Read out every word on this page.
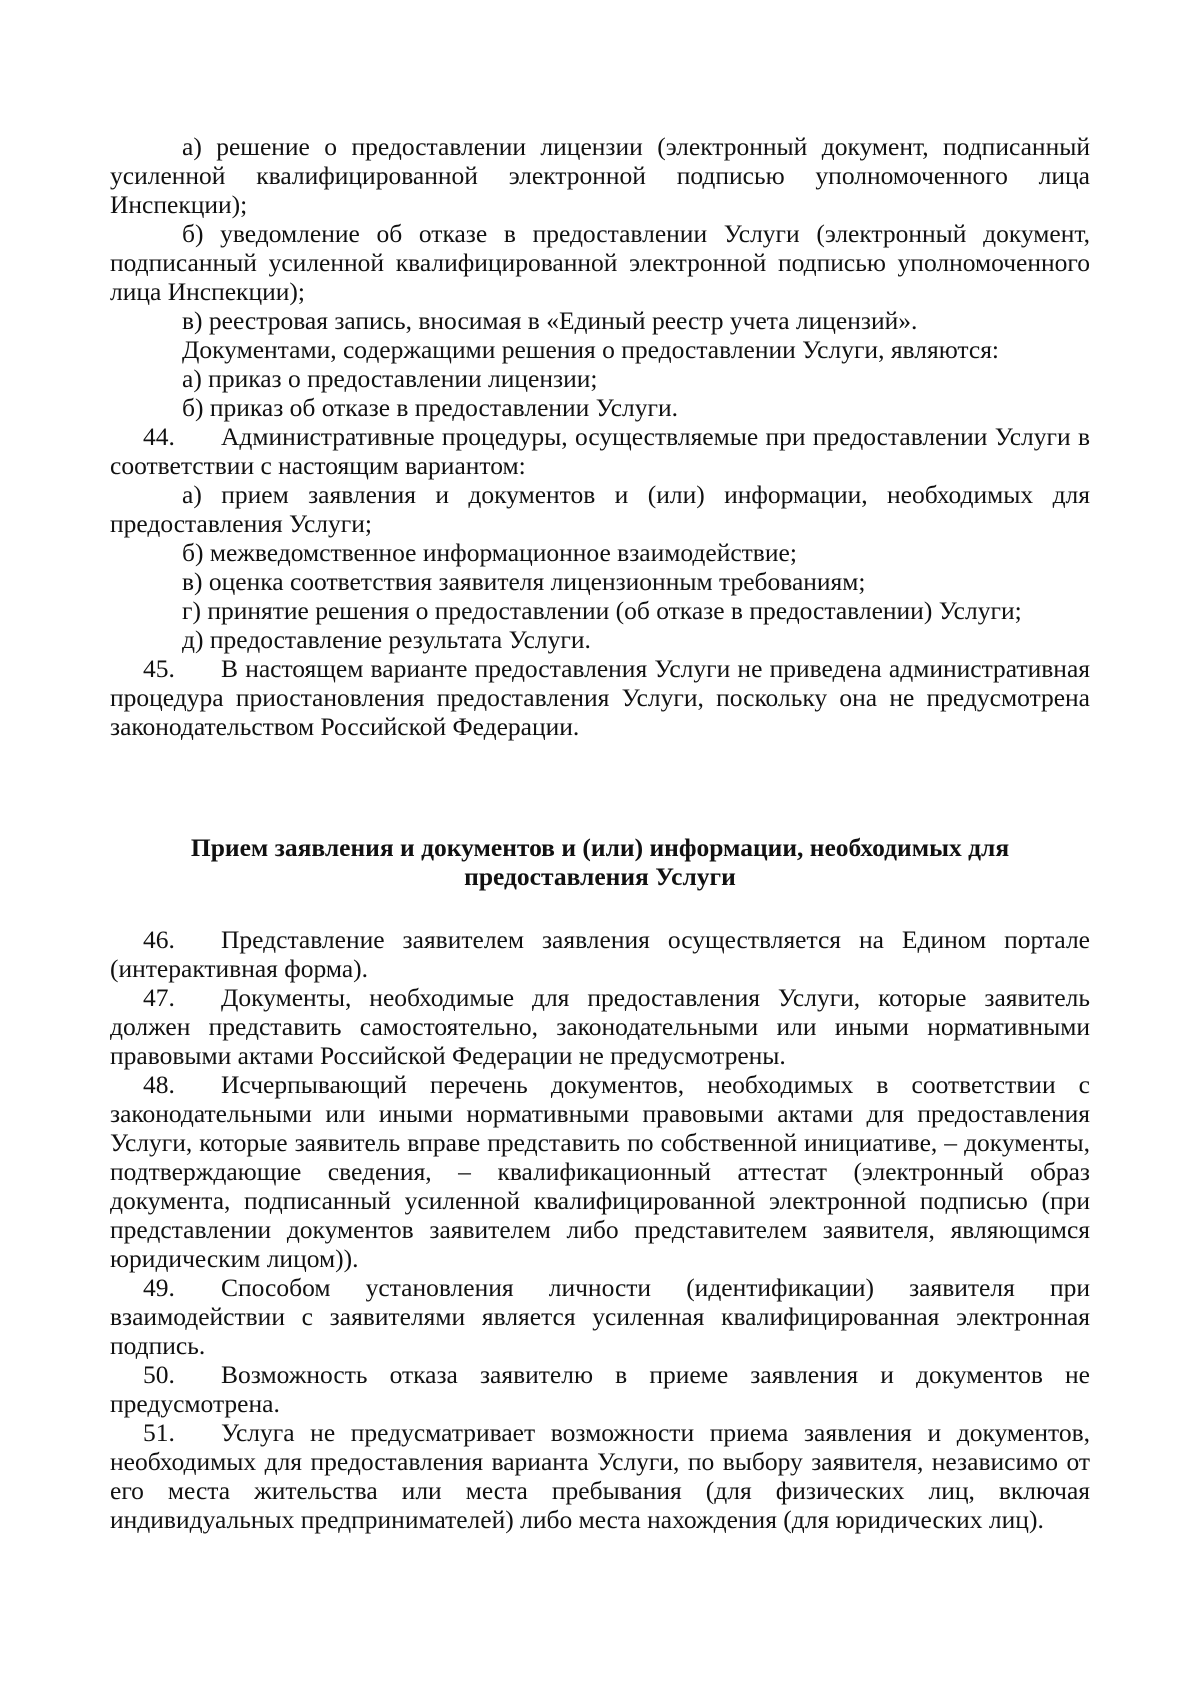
а) решение о предоставлении лицензии (электронный документ, подписанный усиленной квалифицированной электронной подписью уполномоченного лица Инспекции);

б) уведомление об отказе в предоставлении Услуги (электронный документ, подписанный усиленной квалифицированной электронной подписью уполномоченного лица Инспекции);

в) реестровая запись, вносимая в «Единый реестр учета лицензий».

Документами, содержащими решения о предоставлении Услуги, являются:

а) приказ о предоставлении лицензии;

б) приказ об отказе в предоставлении Услуги.

44. Административные процедуры, осуществляемые при предоставлении Услуги в соответствии с настоящим вариантом:

а) прием заявления и документов и (или) информации, необходимых для предоставления Услуги;

б) межведомственное информационное взаимодействие;

в) оценка соответствия заявителя лицензионным требованиям;

г) принятие решения о предоставлении (об отказе в предоставлении) Услуги;

д) предоставление результата Услуги.

45. В настоящем варианте предоставления Услуги не приведена административная процедура приостановления предоставления Услуги, поскольку она не предусмотрена законодательством Российской Федерации.

Прием заявления и документов и (или) информации, необходимых для
предоставления Услуги

46. Представление заявителем заявления осуществляется на Едином портале (интерактивная форма).

47. Документы, необходимые для предоставления Услуги, которые заявитель должен представить самостоятельно, законодательными или иными нормативными правовыми актами Российской Федерации не предусмотрены.

48. Исчерпывающий перечень документов, необходимых в соответствии с законодательными или иными нормативными правовыми актами для предоставления Услуги, которые заявитель вправе представить по собственной инициативе, – документы, подтверждающие сведения, – квалификационный аттестат (электронный образ документа, подписанный усиленной квалифицированной электронной подписью (при представлении документов заявителем либо представителем заявителя, являющимся юридическим лицом)).

49. Способом установления личности (идентификации) заявителя при взаимодействии с заявителями является усиленная квалифицированная электронная подпись.

50. Возможность отказа заявителю в приеме заявления и документов не предусмотрена.

51. Услуга не предусматривает возможности приема заявления и документов, необходимых для предоставления варианта Услуги, по выбору заявителя, независимо от его места жительства или места пребывания (для физических лиц, включая индивидуальных предпринимателей) либо места нахождения (для юридических лиц).
